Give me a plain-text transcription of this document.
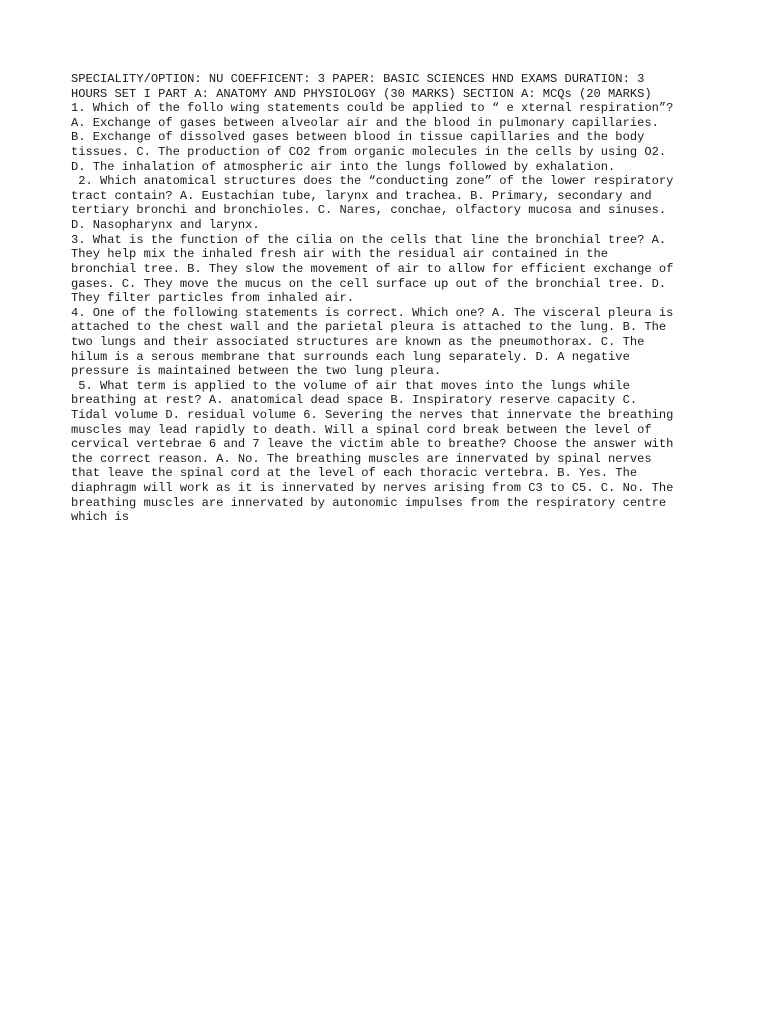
SPECIALITY/OPTION: NU COEFFICENT: 3 PAPER: BASIC SCIENCES HND EXAMS DURATION: 3
HOURS SET I PART A: ANATOMY AND PHYSIOLOGY (30 MARKS) SECTION A: MCQs (20 MARKS)
1. Which of the follo wing statements could be applied to “ e xternal respiration”?
A. Exchange of gases between alveolar air and the blood in pulmonary capillaries.
B. Exchange of dissolved gases between blood in tissue capillaries and the body
tissues. C. The production of CO2 from organic molecules in the cells by using O2.
D. The inhalation of atmospheric air into the lungs followed by exhalation.
2. Which anatomical structures does the “conducting zone” of the lower respiratory
tract contain? A. Eustachian tube, larynx and trachea. B. Primary, secondary and
tertiary bronchi and bronchioles. C. Nares, conchae, olfactory mucosa and sinuses.
D. Nasopharynx and larynx.
3. What is the function of the cilia on the cells that line the bronchial tree? A.
They help mix the inhaled fresh air with the residual air contained in the
bronchial tree. B. They slow the movement of air to allow for efficient exchange of
gases. C. They move the mucus on the cell surface up out of the bronchial tree. D.
They filter particles from inhaled air.
4. One of the following statements is correct. Which one? A. The visceral pleura is
attached to the chest wall and the parietal pleura is attached to the lung. B. The
two lungs and their associated structures are known as the pneumothorax. C. The
hilum is a serous membrane that surrounds each lung separately. D. A negative
pressure is maintained between the two lung pleura.
5. What term is applied to the volume of air that moves into the lungs while
breathing at rest? A. anatomical dead space B. Inspiratory reserve capacity C.
Tidal volume D. residual volume 6. Severing the nerves that innervate the breathing
muscles may lead rapidly to death. Will a spinal cord break between the level of
cervical vertebrae 6 and 7 leave the victim able to breathe? Choose the answer with
the correct reason. A. No. The breathing muscles are innervated by spinal nerves
that leave the spinal cord at the level of each thoracic vertebra. B. Yes. The
diaphragm will work as it is innervated by nerves arising from C3 to C5. C. No. The
breathing muscles are innervated by autonomic impulses from the respiratory centre
which is
